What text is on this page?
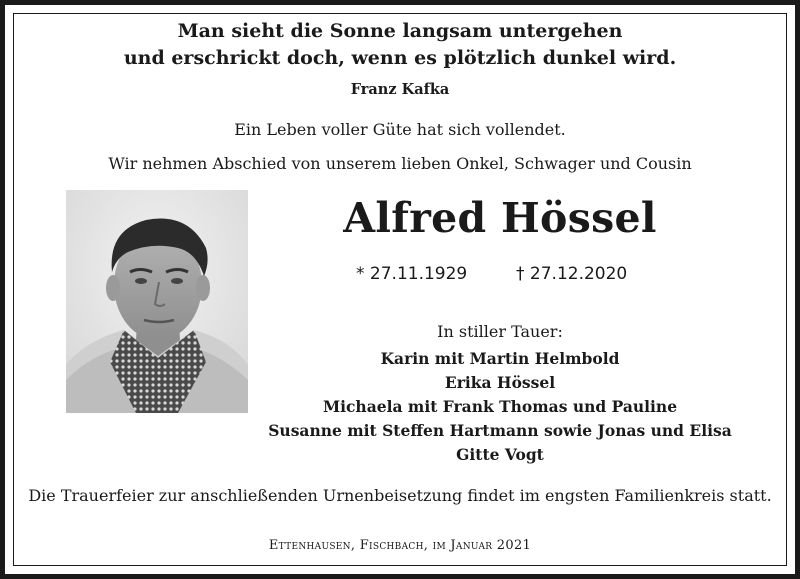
Man sieht die Sonne langsam untergehen
und erschrickt doch, wenn es plötzlich dunkel wird.
Franz Kafka
Ein Leben voller Güte hat sich vollendet.
Wir nehmen Abschied von unserem lieben Onkel, Schwager und Cousin
Alfred Hössel
* 27.11.1929	† 27.12.2020
In stiller Tauer:
Karin mit Martin Helmbold
Erika Hössel
Michaela mit Frank Thomas und Pauline
Susanne mit Steffen Hartmann sowie Jonas und Elisa
Gitte Vogt
Die Trauerfeier zur anschließenden Urnenbeisetzung findet im engsten Familienkreis statt.
Ettenhausen, Fischbach, im Januar 2021
